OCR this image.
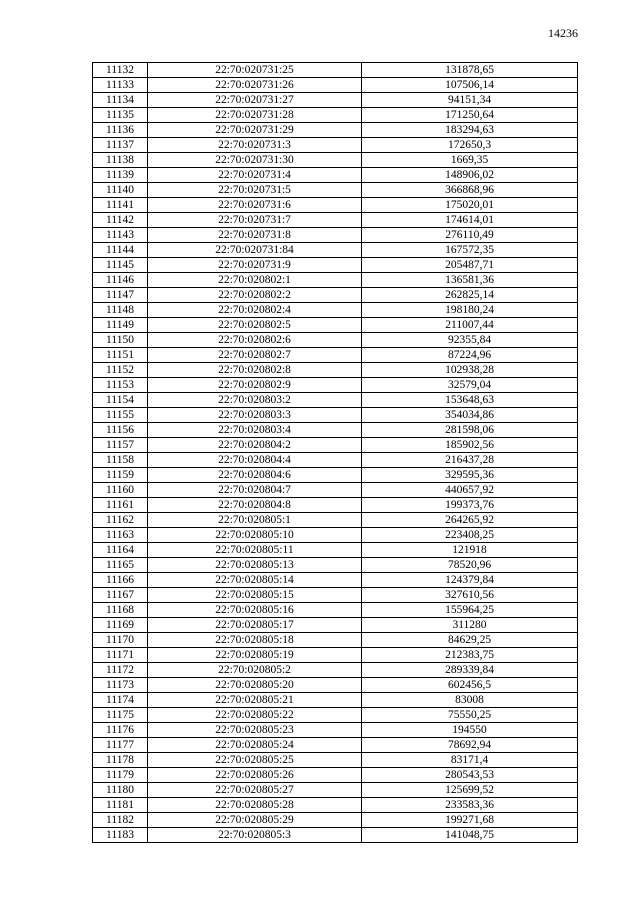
14236
11132	22:70:020731:25	131878,65
11133	22:70:020731:26	107506,14
11134	22:70:020731:27	94151,34
11135	22:70:020731:28	171250,64
11136	22:70:020731:29	183294,63
11137	22:70:020731:3	172650,3
11138	22:70:020731:30	1669,35
11139	22:70:020731:4	148906,02
11140	22:70:020731:5	366868,96
11141	22:70:020731:6	175020,01
11142	22:70:020731:7	174614,01
11143	22:70:020731:8	276110,49
11144	22:70:020731:84	167572,35
11145	22:70:020731:9	205487,71
11146	22:70:020802:1	136581,36
11147	22:70:020802:2	262825,14
11148	22:70:020802:4	198180,24
11149	22:70:020802:5	211007,44
11150	22:70:020802:6	92355,84
11151	22:70:020802:7	87224,96
11152	22:70:020802:8	102938,28
11153	22:70:020802:9	32579,04
11154	22:70:020803:2	153648,63
11155	22:70:020803:3	354034,86
11156	22:70:020803:4	281598,06
11157	22:70:020804:2	185902,56
11158	22:70:020804:4	216437,28
11159	22:70:020804:6	329595,36
11160	22:70:020804:7	440657,92
11161	22:70:020804:8	199373,76
11162	22:70:020805:1	264265,92
11163	22:70:020805:10	223408,25
11164	22:70:020805:11	121918
11165	22:70:020805:13	78520,96
11166	22:70:020805:14	124379,84
11167	22:70:020805:15	327610,56
11168	22:70:020805:16	155964,25
11169	22:70:020805:17	311280
11170	22:70:020805:18	84629,25
11171	22:70:020805:19	212383,75
11172	22:70:020805:2	289339,84
11173	22:70:020805:20	602456,5
11174	22:70:020805:21	83008
11175	22:70:020805:22	75550,25
11176	22:70:020805:23	194550
11177	22:70:020805:24	78692,94
11178	22:70:020805:25	83171,4
11179	22:70:020805:26	280543,53
11180	22:70:020805:27	125699,52
11181	22:70:020805:28	233583,36
11182	22:70:020805:29	199271,68
11183	22:70:020805:3	141048,75
